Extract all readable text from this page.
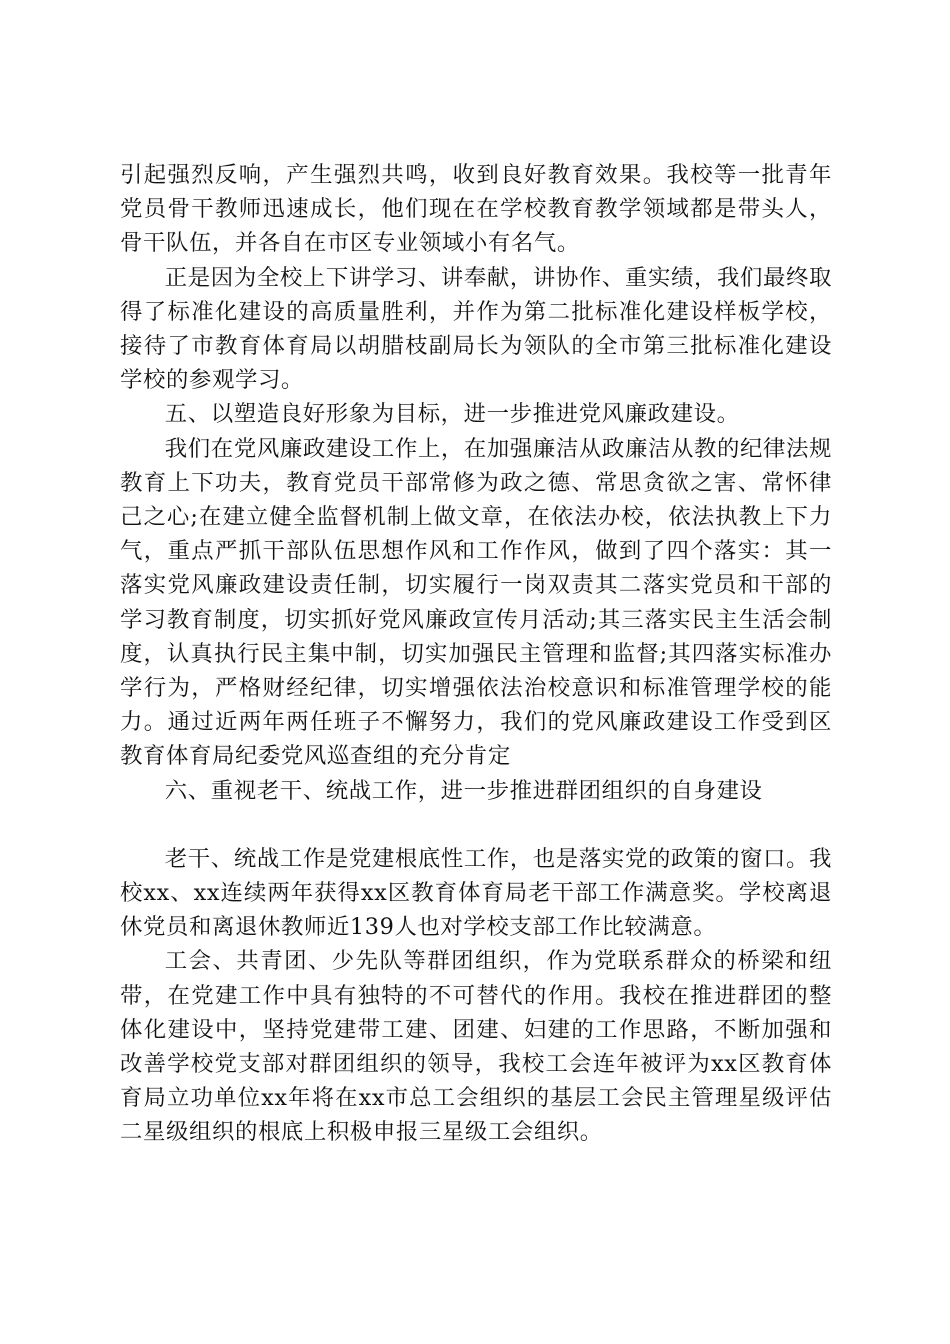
引起强烈反响，产生强烈共鸣，收到良好教育效果。我校等一批青年党员骨干教师迅速成长，他们现在在学校教育教学领域都是带头人，骨干队伍，并各自在市区专业领域小有名气。

正是因为全校上下讲学习、讲奉献，讲协作、重实绩，我们最终取得了标准化建设的高质量胜利，并作为第二批标准化建设样板学校，接待了市教育体育局以胡腊枝副局长为领队的全市第三批标准化建设学校的参观学习。

五、以塑造良好形象为目标，进一步推进党风廉政建设。

我们在党风廉政建设工作上，在加强廉洁从政廉洁从教的纪律法规教育上下功夫，教育党员干部常修为政之德、常思贪欲之害、常怀律己之心;在建立健全监督机制上做文章，在依法办校，依法执教上下力气，重点严抓干部队伍思想作风和工作作风，做到了四个落实：其一落实党风廉政建设责任制，切实履行一岗双责其二落实党员和干部的学习教育制度，切实抓好党风廉政宣传月活动;其三落实民主生活会制度，认真执行民主集中制，切实加强民主管理和监督;其四落实标准办学行为，严格财经纪律，切实增强依法治校意识和标准管理学校的能力。通过近两年两任班子不懈努力，我们的党风廉政建设工作受到区教育体育局纪委党风巡查组的充分肯定

六、重视老干、统战工作，进一步推进群团组织的自身建设

老干、统战工作是党建根底性工作，也是落实党的政策的窗口。我校xx、xx连续两年获得xx区教育体育局老干部工作满意奖。学校离退休党员和离退休教师近139人也对学校支部工作比较满意。

工会、共青团、少先队等群团组织，作为党联系群众的桥梁和纽带，在党建工作中具有独特的不可替代的作用。我校在推进群团的整体化建设中，坚持党建带工建、团建、妇建的工作思路，不断加强和改善学校党支部对群团组织的领导，我校工会连年被评为xx区教育体育局立功单位xx年将在xx市总工会组织的基层工会民主管理星级评估二星级组织的根底上积极申报三星级工会组织。
